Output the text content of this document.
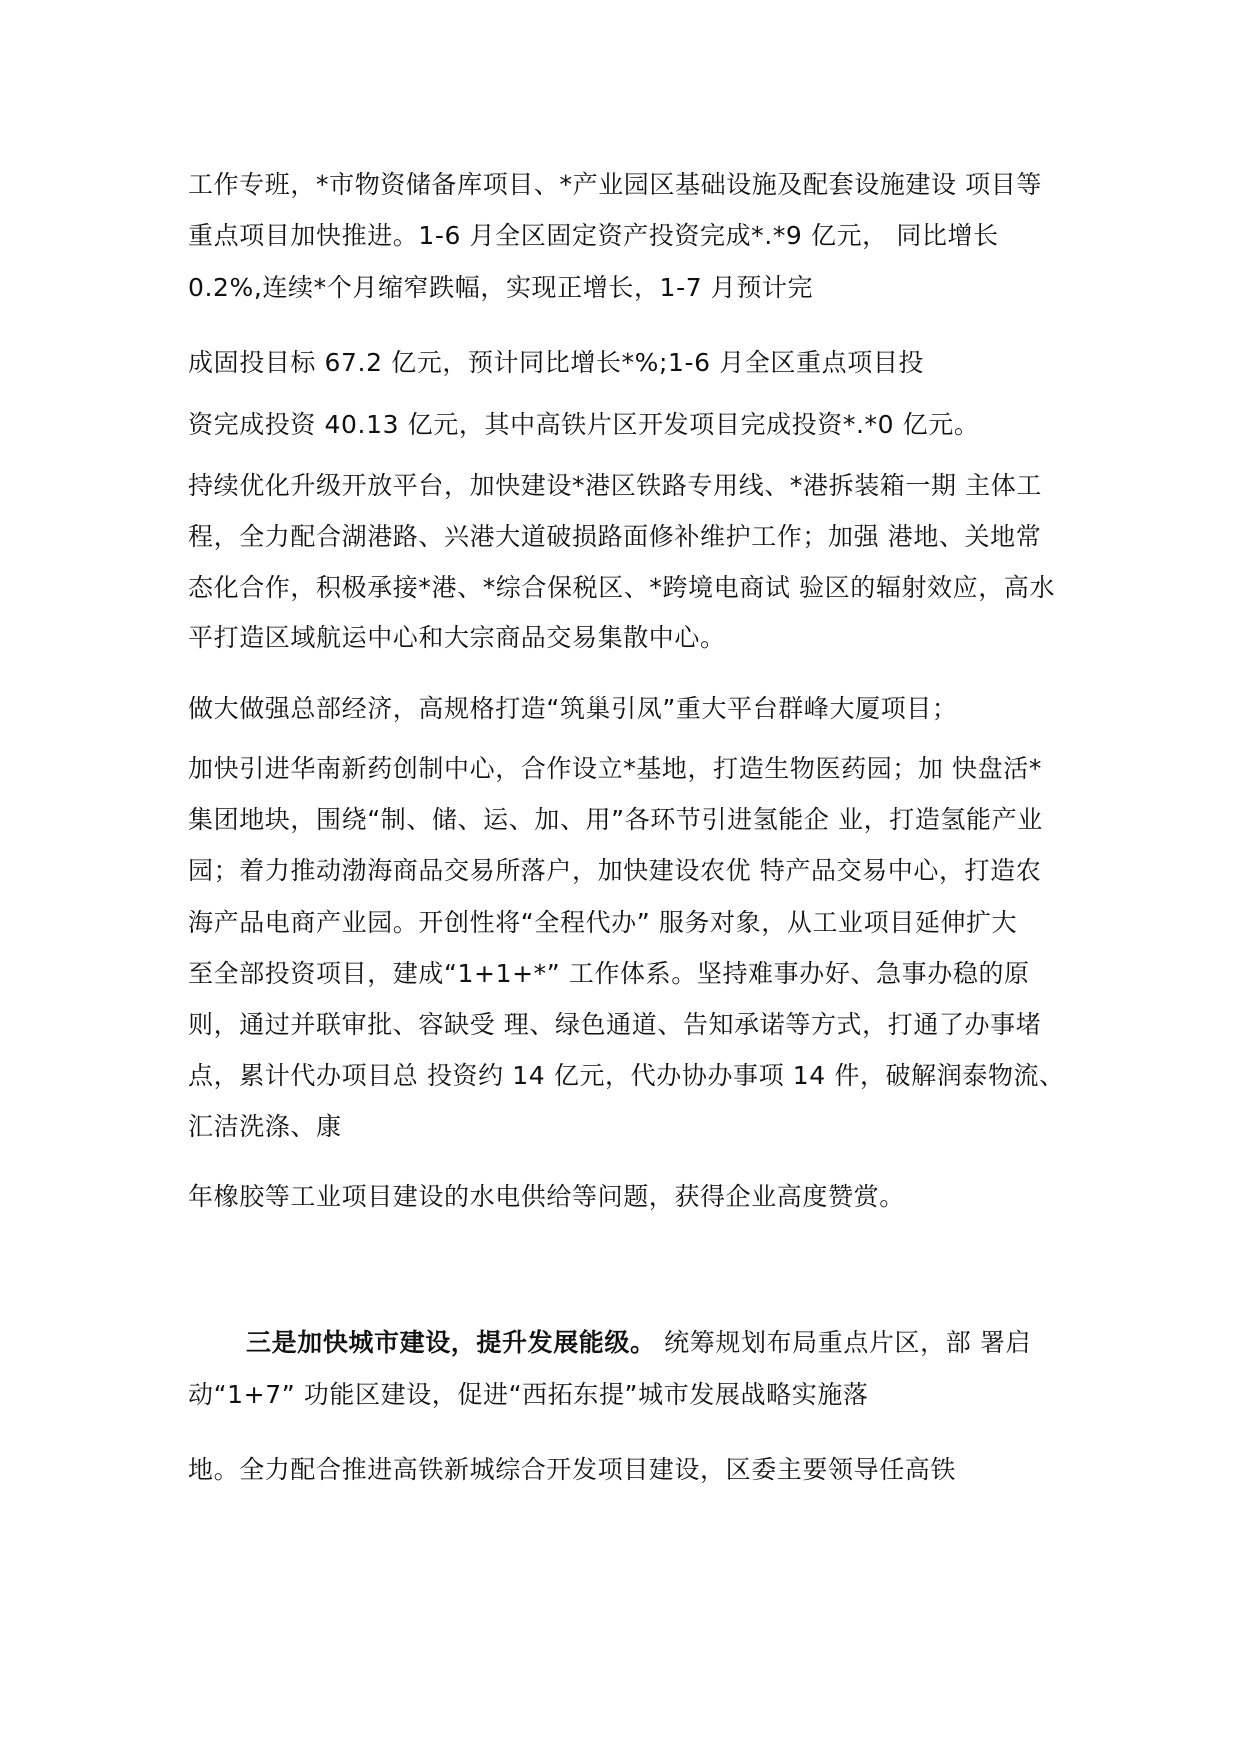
工作专班，*市物资储备库项目、*产业园区基础设施及配套设施建设 项目等
重点项目加快推进。1-6 月全区固定资产投资完成*.*9 亿元， 同比增长
0.2%,连续*个月缩窄跌幅，实现正增长，1-7 月预计完
成固投目标 67.2 亿元，预计同比增长*%;1-6 月全区重点项目投
资完成投资 40.13 亿元，其中高铁片区开发项目完成投资*.*0 亿元。
持续优化升级开放平台，加快建设*港区铁路专用线、*港拆装箱一期 主体工
程，全力配合湖港路、兴港大道破损路面修补维护工作；加强 港地、关地常
态化合作，积极承接*港、*综合保税区、*跨境电商试 验区的辐射效应，高水
平打造区域航运中心和大宗商品交易集散中心。
做大做强总部经济，高规格打造“筑巢引凤”重大平台群峰大厦项目；
加快引进华南新药创制中心，合作设立*基地，打造生物医药园；加 快盘活*
集团地块，围绕“制、储、运、加、用”各环节引进氢能企 业，打造氢能产业
园；着力推动渤海商品交易所落户，加快建设农优 特产品交易中心，打造农
海产品电商产业园。开创性将“全程代办” 服务对象，从工业项目延伸扩大
至全部投资项目，建成“1+1+*” 工作体系。坚持难事办好、急事办稳的原
则，通过并联审批、容缺受 理、绿色通道、告知承诺等方式，打通了办事堵
点，累计代办项目总 投资约 14 亿元，代办协办事项 14 件，破解润泰物流、
汇洁洗涤、康
年橡胶等工业项目建设的水电供给等问题，获得企业高度赞赏。
三是加快城市建设，提升发展能级。 统筹规划布局重点片区，部 署启
动“1+7” 功能区建设，促进“西拓东提”城市发展战略实施落
地。全力配合推进高铁新城综合开发项目建设，区委主要领导任高铁
